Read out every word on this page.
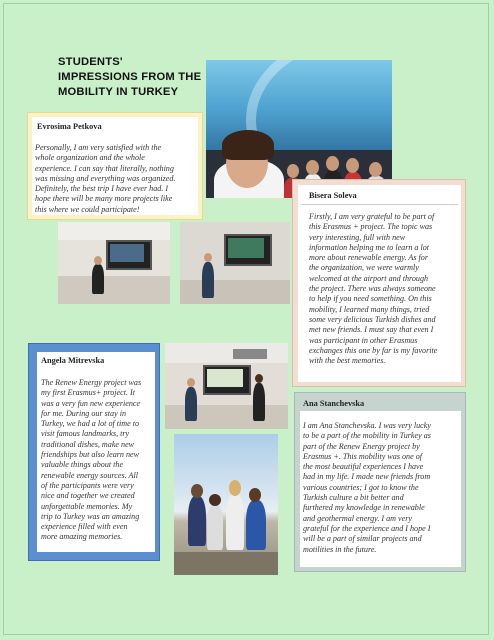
STUDENTS'
IMPRESSIONS FROM THE
MOBILITY IN TURKEY
Evrosima Petkova
Personally, I am very satisfied with the
whole organization and the whole
experience. I can say that literally, nothing
was missing and everything was organized.
Definitely, the best trip I have ever had. I
hope there will be many more projects like
this where we could participate!
Bisera Soleva
Firstly, I am very grateful to be part of
this Erasmus + project. The topic was
very interesting, full with new
information helping me to learn a lot
more about renewable energy. As for
the organization, we were warmly
welcomed at the airport and through
the project. There was always someone
to help if you need something. On this
mobility, I learned many things, tried
some very delicious Turkish dishes and
met new friends. I must say that even I
was participant in other Erasmus
exchanges this one by far is my favorite
with the best memories.
Angela Mitrevska
The Renew Energy project was
my first Erasmus+ project. It
was a very fun new experience
for me. During our stay in
Turkey, we had a lot of time to
visit famous landmarks, try
traditional dishes, make new
friendships but also learn new
valuable things about the
renewable energy sources. All
of the participants were very
nice and together we created
unforgettable memories. My
trip to Turkey was an amazing
experience filled with even
more amazing memories.
Ana Stanchevska
I am Ana Stanchevska. I was very lucky
to be a part of the mobility in Turkey as
part of the Renew Energy project by
Erasmus +. This mobility was one of
the most beautiful experiences I have
had in my life. I made new friends from
various countries; I got to know the
Turkish culture a bit better and
furthered my knowledge in renewable
and geothermal energy. I am very
grateful for the experience and I hope I
will be a part of similar projects and
motilities in the future.
